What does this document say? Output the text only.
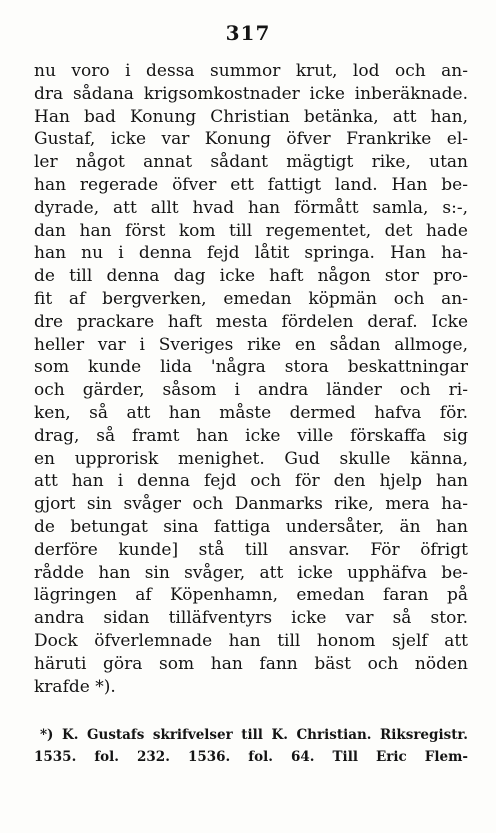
317
nu voro i dessa summor krut, lod och an-
dra sådana krigsomkostnader icke inberäknade.
Han bad Konung Christian betänka, att han,
Gustaf, icke var Konung öfver Frankrike el-
ler något annat sådant mägtigt rike, utan
han regerade öfver ett fattigt land. Han be-
dyrade, att allt hvad han förmått samla, s:-,
dan han först kom till regementet, det hade
han nu i denna fejd låtit springa. Han ha-
de till denna dag icke haft någon stor pro-
fit af bergverken, emedan köpmän och an-
dre prackare haft mesta fördelen deraf. Icke
heller var i Sveriges rike en sådan allmoge,
som kunde lida 'några stora beskattningar
och gärder, såsom i andra länder och ri-
ken, så att han måste dermed hafva för.
drag, så framt han icke ville förskaffa sig
en upprorisk menighet. Gud skulle känna,
att han i denna fejd och för den hjelp han
gjort sin svåger och Danmarks rike, mera ha-
de betungat sina fattiga undersåter, än han
derföre kunde] stå till ansvar. För öfrigt
rådde han sin svåger, att icke upphäfva be-
lägringen af Köpenhamn, emedan faran på
andra sidan tilläfventyrs icke var så stor.
Dock öfverlemnade han till honom sjelf att
häruti göra som han fann bäst och nöden
krafde *).
*) K. Gustafs skrifvelser till K. Christian. Riksregistr.
1535. fol. 232. 1536. fol. 64. Till Eric Flem-
